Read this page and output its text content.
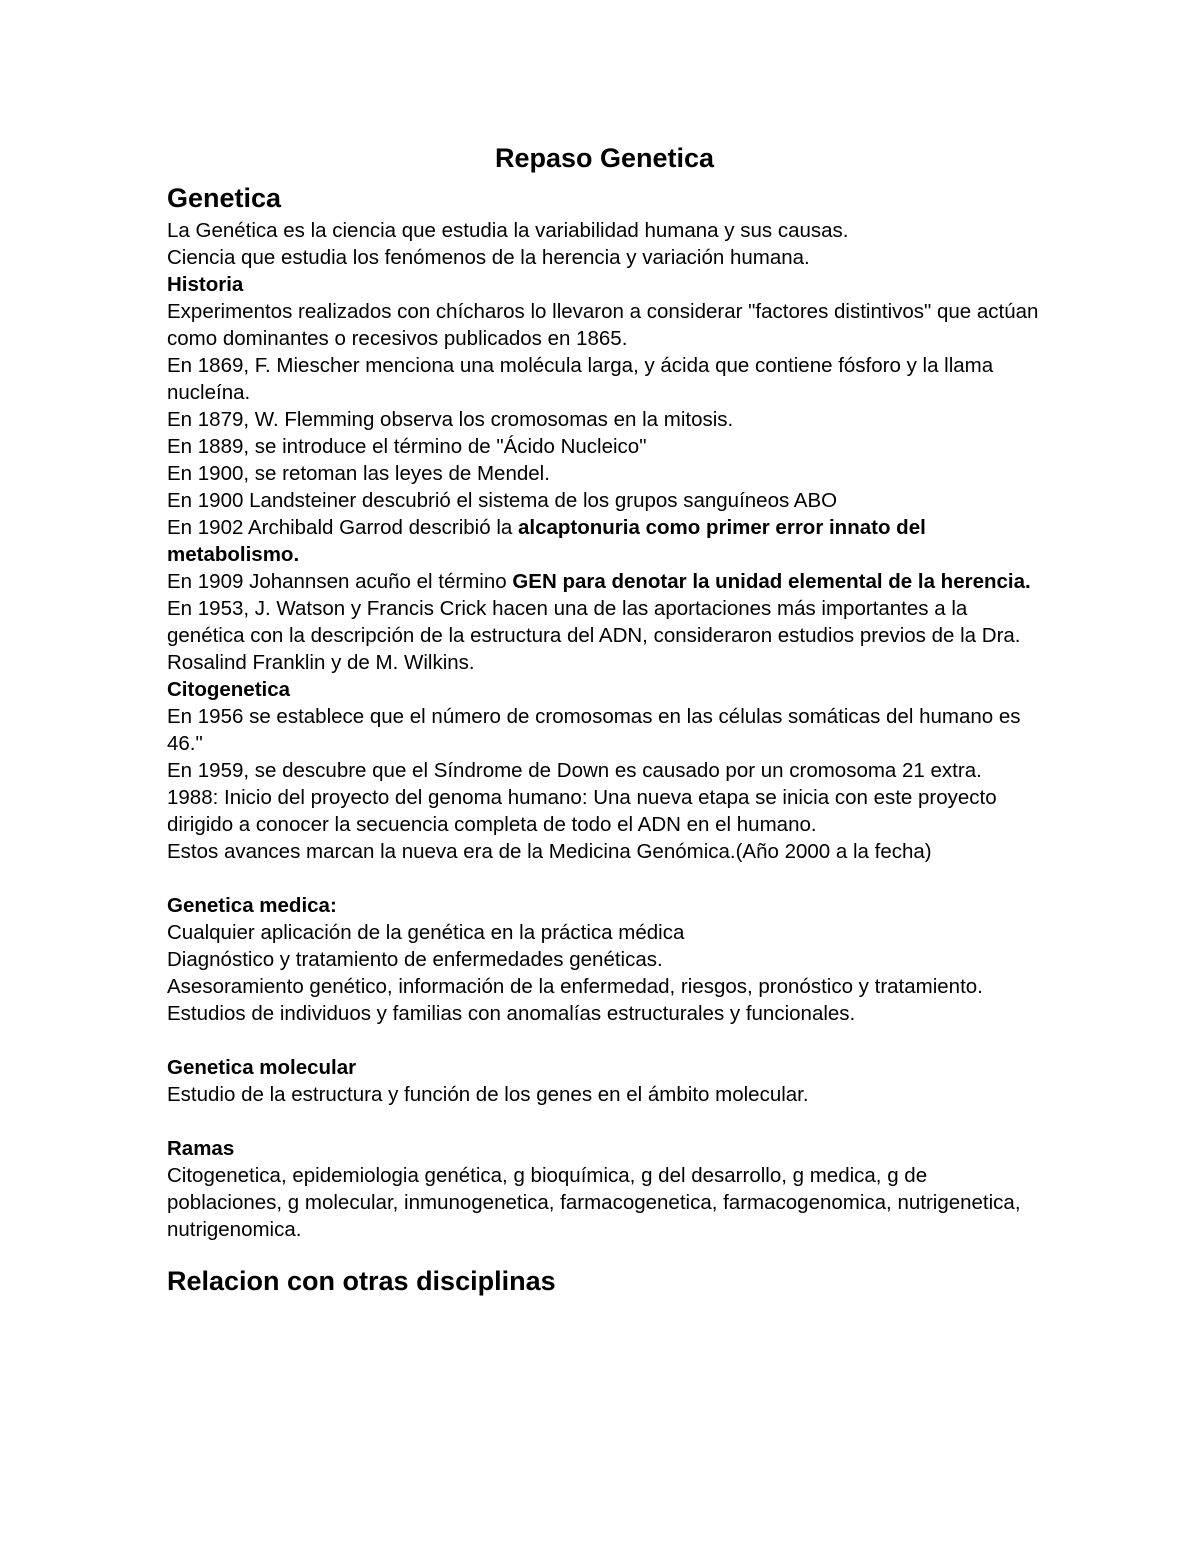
Repaso Genetica
Genetica
La Genética es la ciencia que estudia la variabilidad humana y sus causas.
Ciencia que estudia los fenómenos de la herencia y variación humana.
Historia
Experimentos realizados con chícharos lo llevaron a considerar "factores distintivos" que actúan como dominantes o recesivos publicados en 1865.
En 1869, F. Miescher menciona una molécula larga, y ácida que contiene fósforo y la llama nucleína.
En 1879, W. Flemming observa los cromosomas en la mitosis.
En 1889, se introduce el término de "Ácido Nucleico"
En 1900, se retoman las leyes de Mendel.
En 1900 Landsteiner descubrió el sistema de los grupos sanguíneos ABO
En 1902 Archibald Garrod describió la alcaptonuria como primer error innato del metabolismo.
En 1909 Johannsen acuño el término GEN para denotar la unidad elemental de la herencia.
En 1953, J. Watson y Francis Crick hacen una de las aportaciones más importantes a la genética con la descripción de la estructura del ADN, consideraron estudios previos de la Dra. Rosalind Franklin y de M. Wilkins.
Citogenetica
En 1956 se establece que el número de cromosomas en las células somáticas del humano es 46."
En 1959, se descubre que el Síndrome de Down es causado por un cromosoma 21 extra.
1988: Inicio del proyecto del genoma humano: Una nueva etapa se inicia con este proyecto dirigido a conocer la secuencia completa de todo el ADN en el humano.
Estos avances marcan la nueva era de la Medicina Genómica.(Año 2000 a la fecha)
Genetica medica:
Cualquier aplicación de la genética en la práctica médica
Diagnóstico y tratamiento de enfermedades genéticas.
Asesoramiento genético, información de la enfermedad, riesgos, pronóstico y tratamiento. Estudios de individuos y familias con anomalías estructurales y funcionales.
Genetica molecular
Estudio de la estructura y función de los genes en el ámbito molecular.
Ramas
Citogenetica, epidemiologia genética, g bioquímica, g del desarrollo, g medica, g de poblaciones, g molecular, inmunogenetica, farmacogenetica, farmacogenomica, nutrigenetica, nutrigenomica.
Relacion con otras disciplinas
